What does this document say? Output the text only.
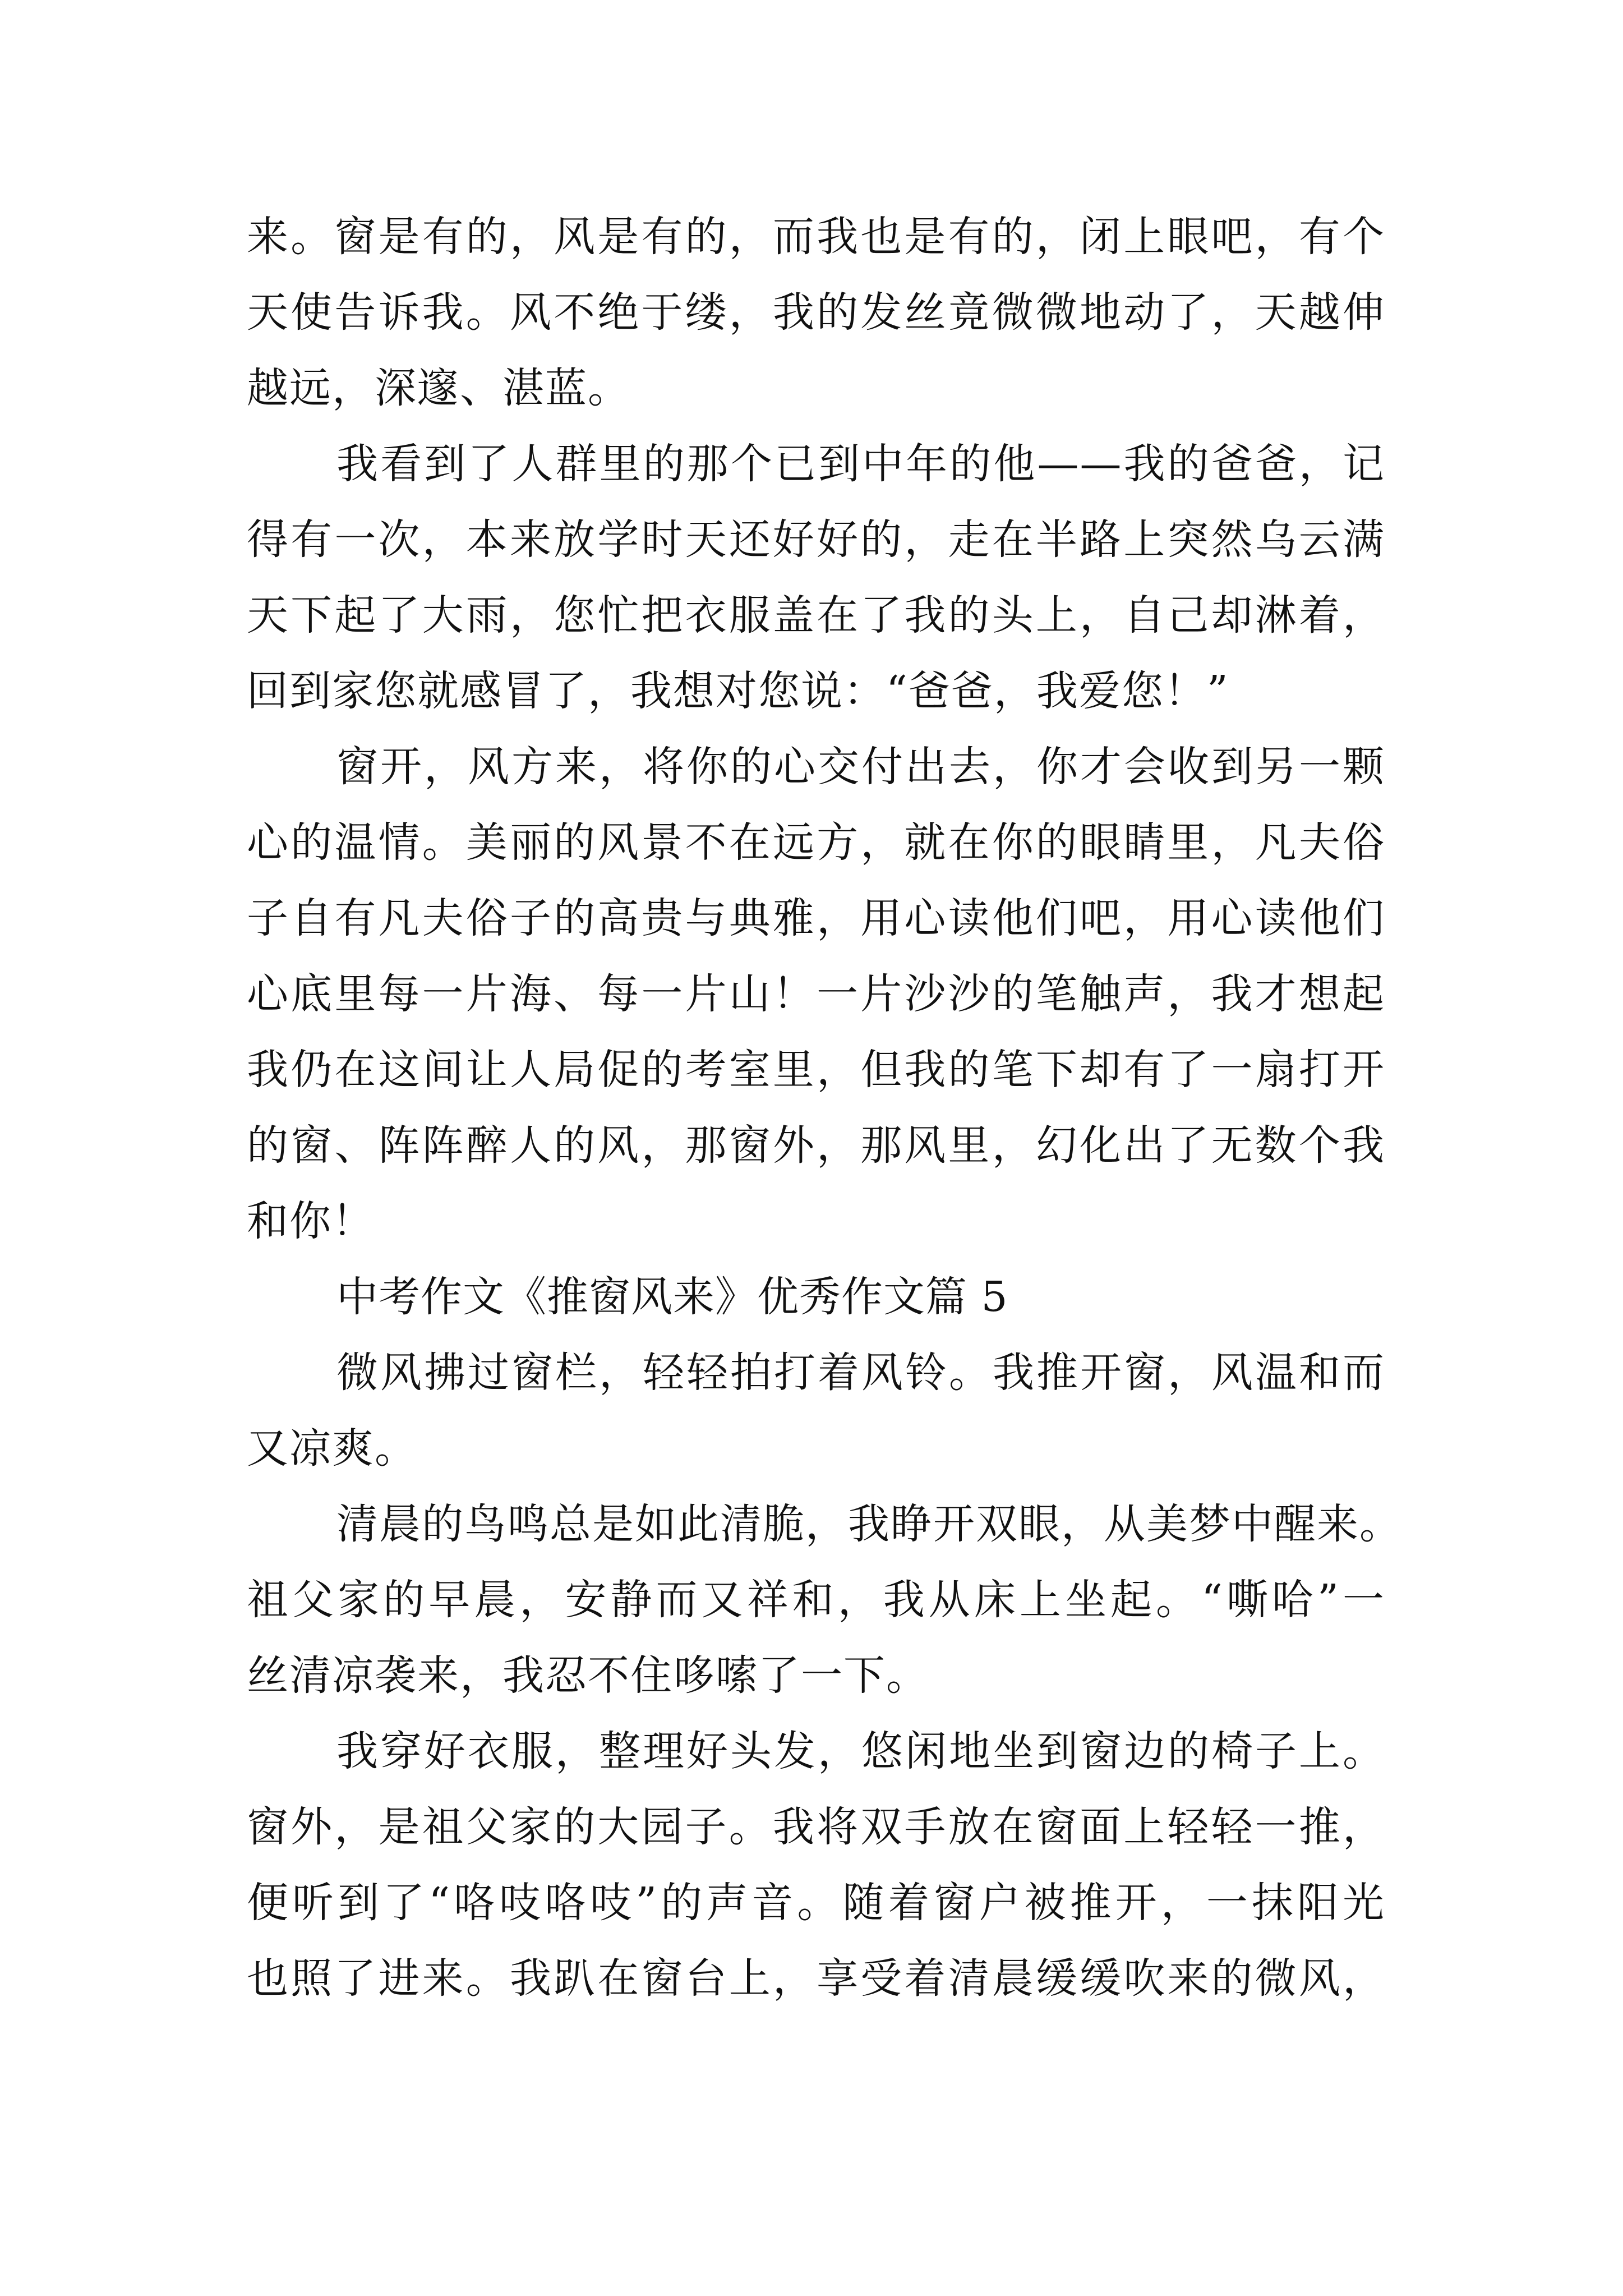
来。窗是有的，风是有的，而我也是有的，闭上眼吧，有个
天使告诉我。风不绝于缕，我的发丝竟微微地动了，天越伸
越远，深邃、湛蓝。
我看到了人群里的那个已到中年的他——我的爸爸，记
得有一次，本来放学时天还好好的，走在半路上突然乌云满
天下起了大雨，您忙把衣服盖在了我的头上，自己却淋着，
回到家您就感冒了，我想对您说：“爸爸，我爱您！”
窗开，风方来，将你的心交付出去，你才会收到另一颗
心的温情。美丽的风景不在远方，就在你的眼睛里，凡夫俗
子自有凡夫俗子的高贵与典雅，用心读他们吧，用心读他们
心底里每一片海、每一片山！一片沙沙的笔触声，我才想起
我仍在这间让人局促的考室里，但我的笔下却有了一扇打开
的窗、阵阵醉人的风，那窗外，那风里，幻化出了无数个我
和你！
中考作文《推窗风来》优秀作文篇 5
微风拂过窗栏，轻轻拍打着风铃。我推开窗，风温和而
又凉爽。
清晨的鸟鸣总是如此清脆，我睁开双眼，从美梦中醒来。
祖父家的早晨，安静而又祥和，我从床上坐起。“嘶哈”一
丝清凉袭来，我忍不住哆嗦了一下。
我穿好衣服，整理好头发，悠闲地坐到窗边的椅子上。
窗外，是祖父家的大园子。我将双手放在窗面上轻轻一推，
便听到了“咯吱咯吱”的声音。随着窗户被推开，一抹阳光
也照了进来。我趴在窗台上，享受着清晨缓缓吹来的微风，
